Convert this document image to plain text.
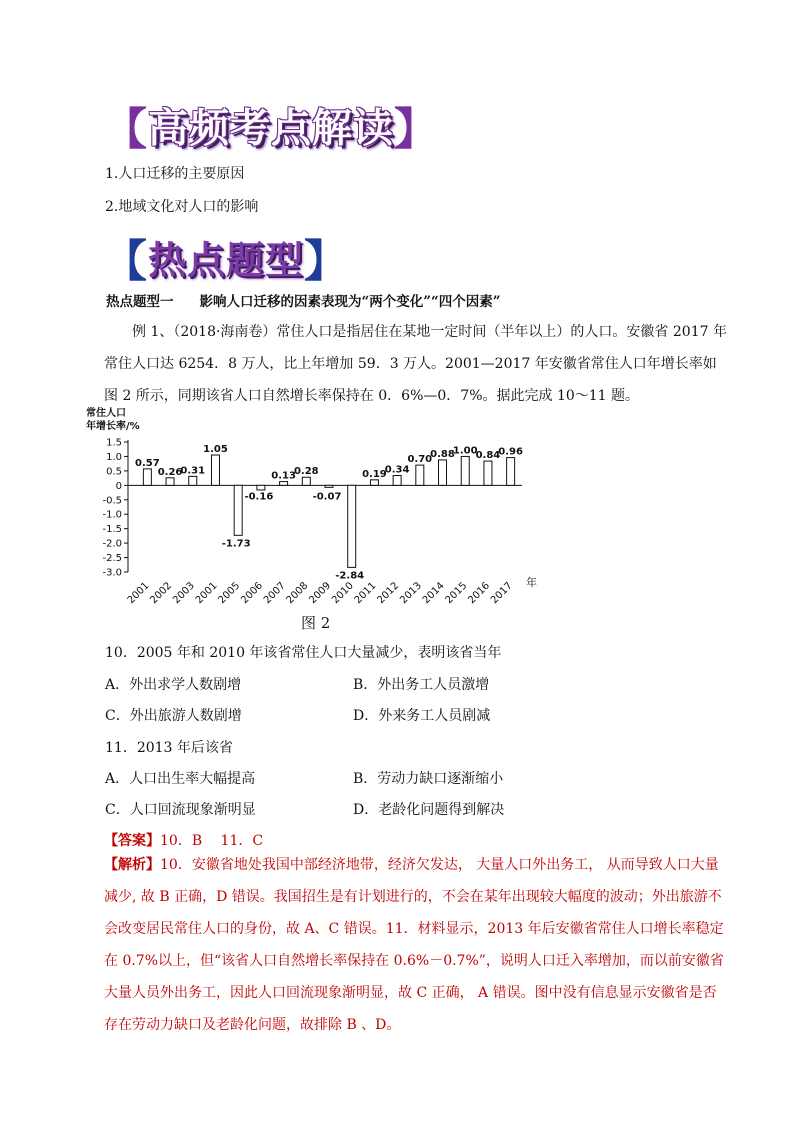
【高频考点解读】
1.人口迁移的主要原因
2.地域文化对人口的影响
【热点题型】
热点题型一 影响人口迁移的因素表现为“两个变化”“四个因素”
例 1、（2018·海南卷）常住人口是指居住在某地一定时间（半年以上）的人口。安徽省 2017 年常住人口达 6254．8 万人，比上年增加 59．3 万人。2001—2017 年安徽省常住人口年增长率如图 2 所示，同期该省人口自然增长率保持在 0．6%—0．7%。据此完成 10～11 题。
常住人口
年增长率/%
1.5
1.0
0.5
0
-0.5
-1.0
-1.5
-2.0
-2.5
-3.0
0.57
2001
0.26
2002
0.31
2003
1.05
2001
-1.73
2005
-0.16
2006
0.13
2007
0.28
2008
-0.07
2009
-2.84
2010
0.19
2011
0.34
2012
0.70
2013
0.88
2014
1.00
2015
0.84
2016
0.96
2017 年
图 2
10．2005 年和 2010 年该省常住人口大量减少，表明该省当年
A．外出求学人数剧增	B．外出务工人员激增
C．外出旅游人数剧增	D．外来务工人员剧减
11．2013 年后该省
A．人口出生率大幅提高	B．劳动力缺口逐渐缩小
C．人口回流现象渐明显	D．老龄化问题得到解决
【答案】10．B　 11．C
【解析】10．安徽省地处我国中部经济地带，经济欠发达， 大量人口外出务工， 从而导致人口大量减少, 故 B 正确，D 错误。我国招生是有计划进行的，不会在某年出现较大幅度的波动；外出旅游不会改变居民常住人口的身份，故 A、C 错误。11．材料显示，2013 年后安徽省常住人口增长率稳定在 0.7%以上，但“该省人口自然增长率保持在 0.6%－0.7%”，说明人口迁入率增加，而以前安徽省大量人员外出务工，因此人口回流现象渐明显，故 C 正确， A 错误。图中没有信息显示安徽省是否存在劳动力缺口及老龄化问题，故排除 B 、D。
